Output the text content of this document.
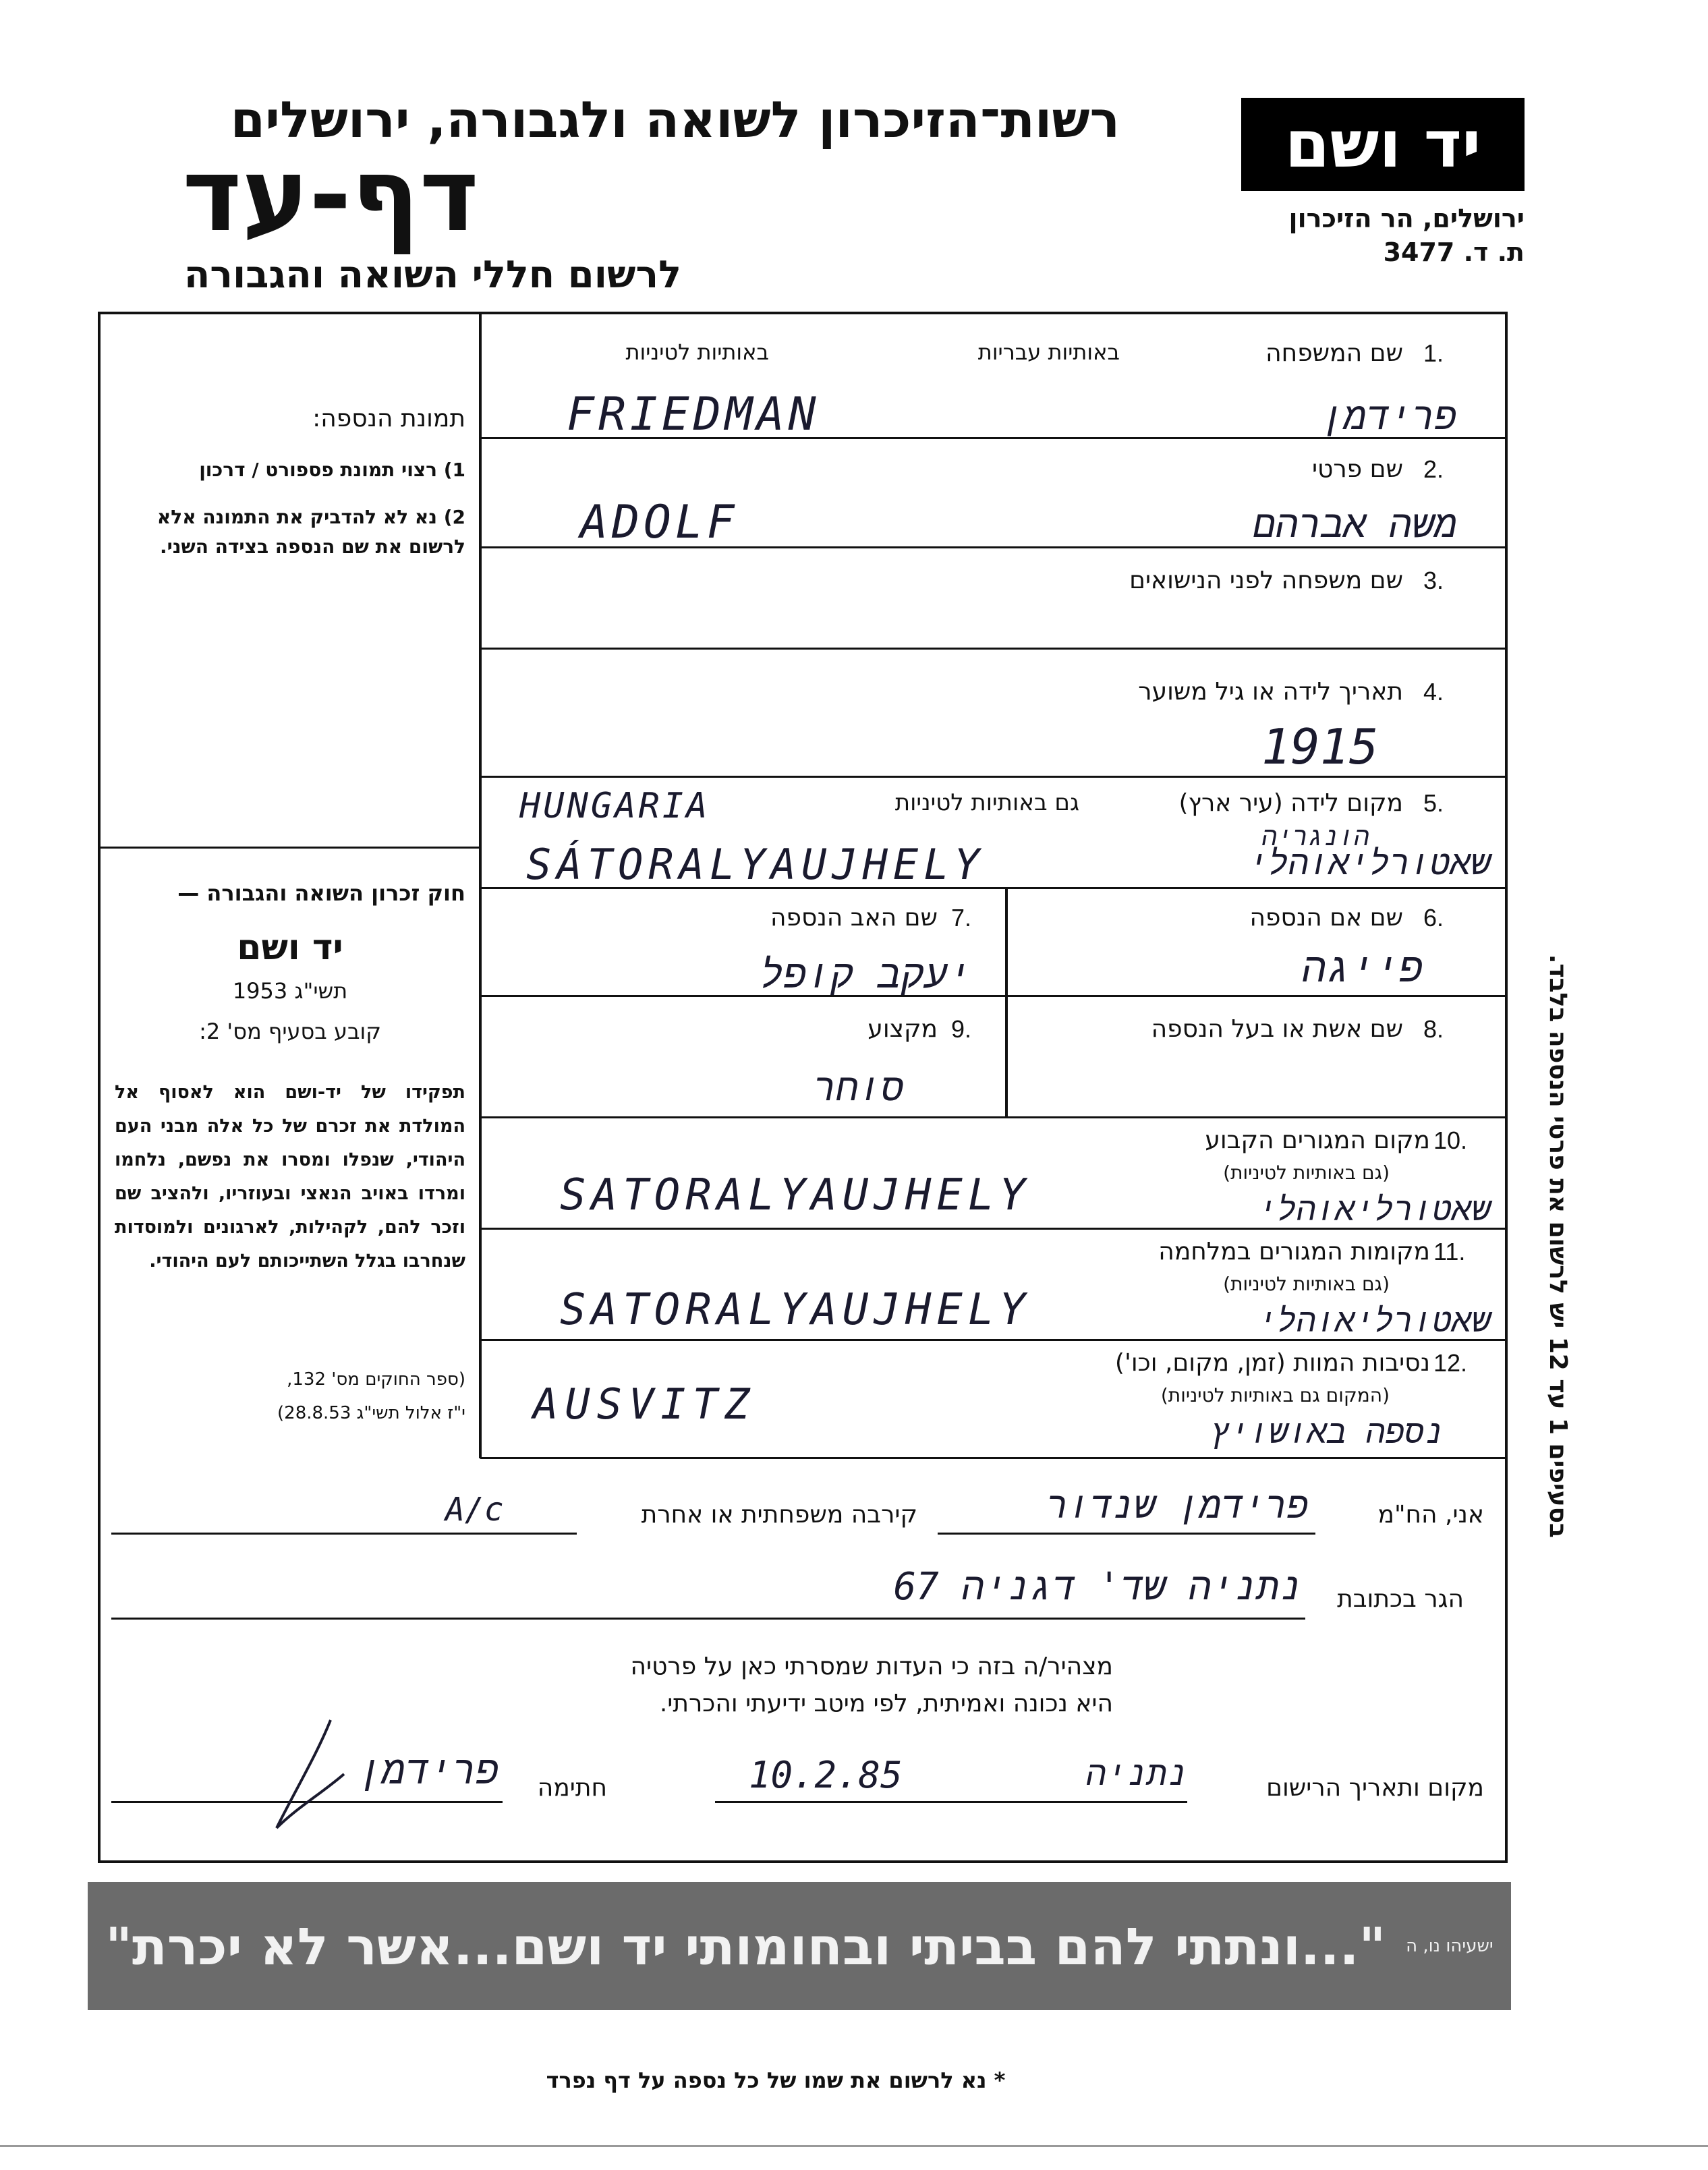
רשות־הזיכרון לשואה ולגבורה, ירושלים
דף-עד
לרשום חללי השואה והגבורה
יד ושם
ירושלים, הר הזיכרון
ת. ד. 3477
תמונת הנספה:
1) רצוי תמונת פספורט / דרכון
2) נא לא להדביק את התמונה אלא לרשום את שם הנספה בצידה השני.
חוק זכרון השואה והגבורה —
יד ושם
תשי"ג 1953
קובע בסעיף מס' 2:
תפקידו של יד-ושם הוא לאסוף אל המולדת את זכרם של כל אלה מבני העם היהודי, שנפלו ומסרו את נפשם, נלחמו ומרדו באויב הנאצי ובעוזריו, ולהציב שם וזכר להם, לקהילות, לארגונים ולמוסדות שנחרבו בגלל השתייכותם לעם היהודי.
(ספר החוקים מס' 132,
י"ז אלול תשי"ג 28.8.53)
בסעיפים 1 עד 12 יש לרשום את פרטי הנספה בלבד.
באותיות עבריות
באותיות לטיניות	שם המשפחה 1.
FRIEDMAN	פרידמן
שם פרטי 2.
ADOLF	משה אברהם
שם משפחה לפני הנישואים 3.
תאריך לידה או גיל משוער 4.
1915
מקום לידה (עיר ארץ) 5.
גם באותיות לטיניות
HUNGARIA
הונגריה
SÁTORALYAUJHELY	שאטורליאוהלי
שם אם הנספה 6.
פייגה
שם האב הנספה 7.
יעקב קופל
שם אשת או בעל הנספה 8.
מקצוע 9.
סוחר
מקום המגורים הקבוע 10.
(גם באותיות לטיניות)
SATORALYAUJHELY	שאטורליאוהלי
מקומות המגורים במלחמה 11.
(גם באותיות לטיניות)
SATORALYAUJHELY	שאטורליאוהלי
נסיבות המוות (זמן, מקום, וכו') 12.
(המקום גם באותיות לטיניות)
AUSVITZ
נספה באושויץ
אני, הח"מ
פרידמן שנדור
קירבה משפחתית או אחרת
A/c
הגר בכתובת
נתניה שד' דגניה 67
מצהיר/ה בזה כי העדות שמסרתי כאן על פרטיה
היא נכונה ואמיתית, לפי מיטב ידיעתי והכרתי.
מקום ותאריך הרישום
10.2.85	נתניה
חתימה
פרידמן
ישעיהו נו, ה
"...ונתתי להם בביתי ובחומותי יד ושם...אשר לא יכרת"
* נא לרשום את שמו של כל נספה על דף נפרד
